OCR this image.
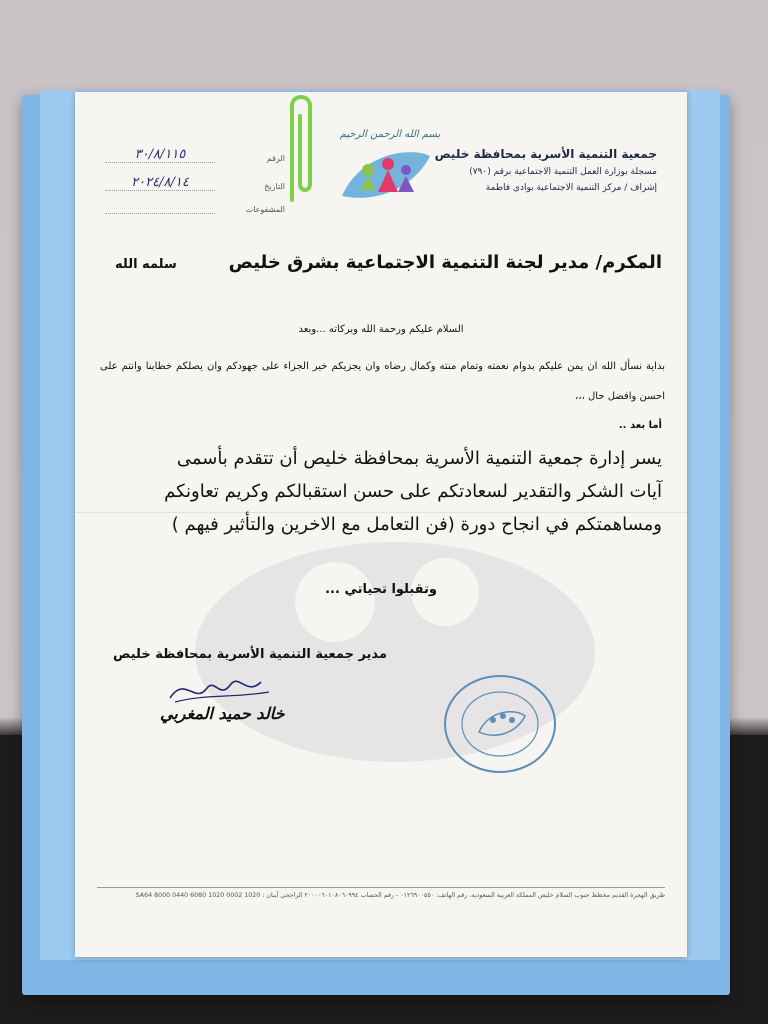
جمعية التنمية الأسرية بمحافظة خليص
مسجلة بوزارة العمل التنمية الاجتماعية برقم (٧٩٠)
إشراف / مركز التنمية الاجتماعية بوادي فاطمة
بسم الله الرحمن الرحيم
٣٠/٨/١١٥	الرقم
٢٠٢٤/٨/١٤	التاريخ
المشفوعات
المكرم/ مدير لجنة التنمية الاجتماعية بشرق خليص
سلمه الله
السلام عليكم ورحمة الله وبركاته ...وبعد
بداية نسأل الله ان يمن عليكم بدوام نعمته وتمام منته وكمال رضاه وان يجزيكم خير الجزاء على جهودكم وان يصلكم خطابنا وانتم على احسن وافضل حال ،،،
أما بعد ..
يسر إدارة جمعية التنمية الأسرية بمحافظة خليص أن تتقدم بأسمى
آيات الشكر والتقدير لسعادتكم على حسن استقبالكم وكريم تعاونكم
ومساهمتكم في انجاح دورة (فن التعامل مع الاخرين والتأثير فيهم )
وتقبلوا تحياتي ...
مدير جمعية التنمية الأسرية بمحافظة خليص
خالد حميد المغربي
طريق الهجرة القديم مخطط جنوب السلام خليص المملكة العربية السعودية، رقم الهاتف: ٠١٢٦٩٠٠٥٥٠ - رقم الحساب ٢٠٠٠٠٦٠١٠٨٠٦٠٩٩٤ الراجحي آيبان : SA64 8000 0440 6080 1020 0002 1020
